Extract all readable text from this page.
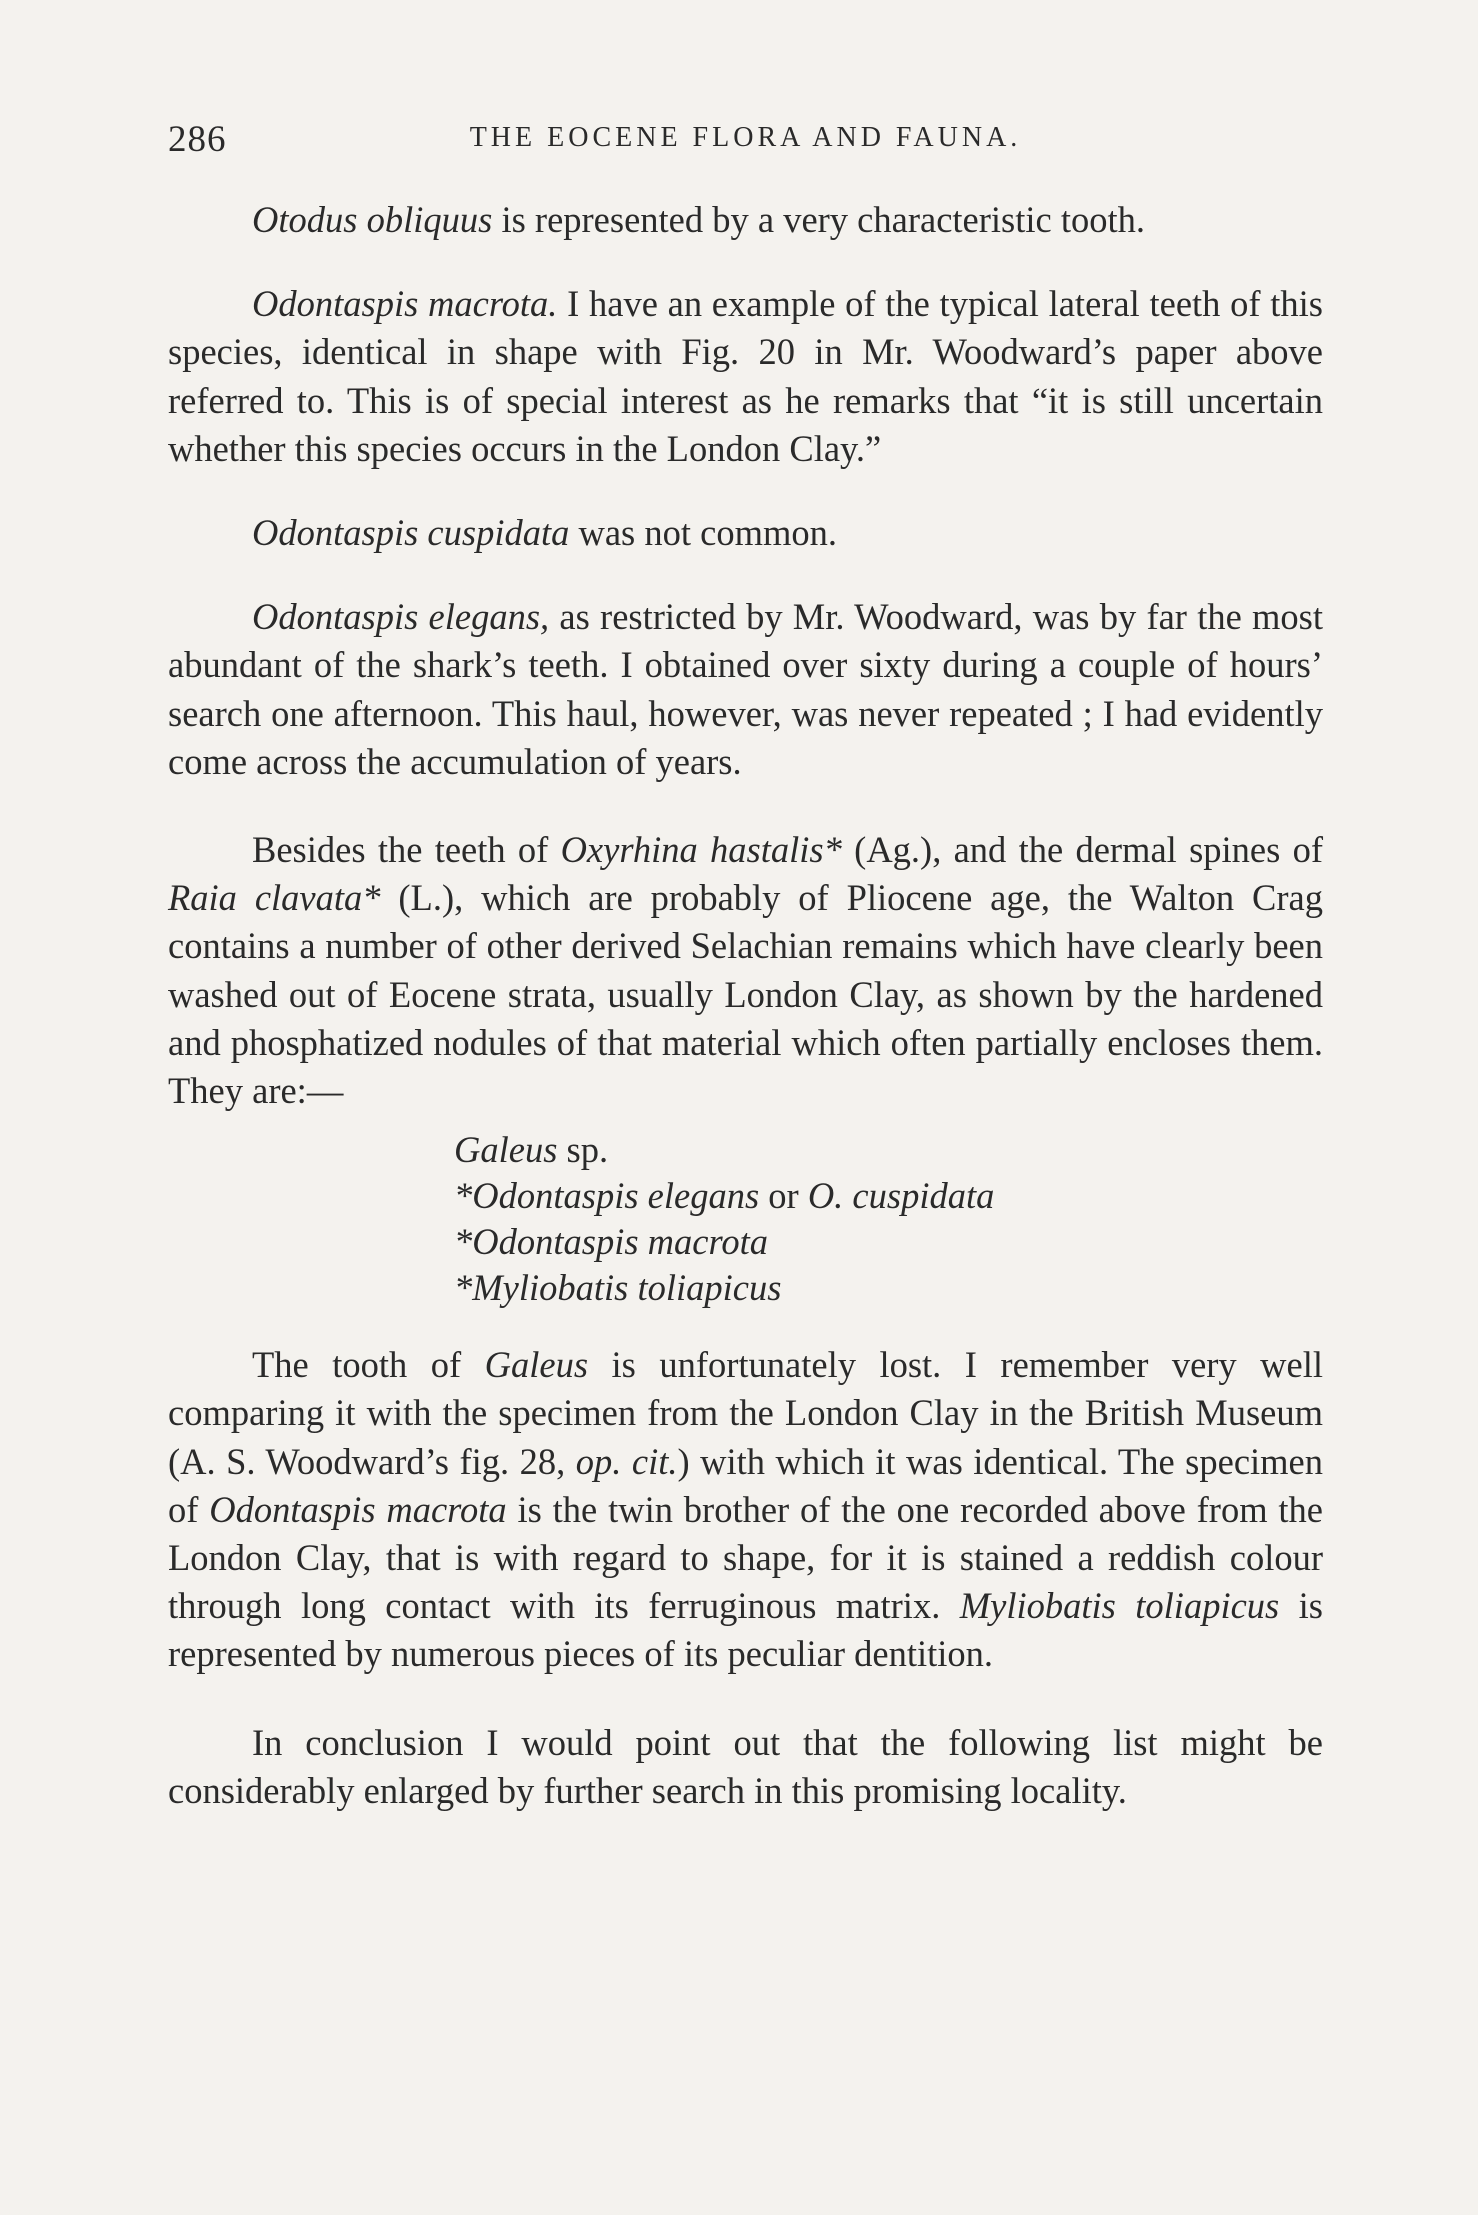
286	THE EOCENE FLORA AND FAUNA.

Otodus obliquus is represented by a very characteristic tooth.

Odontaspis macrota. I have an example of the typical lateral teeth of this species, identical in shape with Fig. 20 in Mr. Woodward’s paper above referred to. This is of special interest as he remarks that “it is still uncertain whether this species occurs in the London Clay.”

Odontaspis cuspidata was not common.

Odontaspis elegans, as restricted by Mr. Woodward, was by far the most abundant of the shark’s teeth. I obtained over sixty during a couple of hours’ search one afternoon. This haul, however, was never repeated ; I had evidently come across the accumulation of years.

Besides the teeth of Oxyrhina hastalis* (Ag.), and the dermal spines of Raia clavata* (L.), which are probably of Pliocene age, the Walton Crag contains a number of other derived Selachian remains which have clearly been washed out of Eocene strata, usually London Clay, as shown by the hardened and phosphatized nodules of that material which often partially encloses them. They are:—

Galeus sp.
*Odontaspis elegans or O. cuspidata
*Odontaspis macrota
*Myliobatis toliapicus

The tooth of Galeus is unfortunately lost. I remember very well comparing it with the specimen from the London Clay in the British Museum (A. S. Woodward’s fig. 28, op. cit.) with which it was identical. The specimen of Odontaspis macrota is the twin brother of the one recorded above from the London Clay, that is with regard to shape, for it is stained a reddish colour through long contact with its ferruginous matrix. Myliobatis toliapicus is represented by numerous pieces of its peculiar dentition.

In conclusion I would point out that the following list might be considerably enlarged by further search in this promising locality.
